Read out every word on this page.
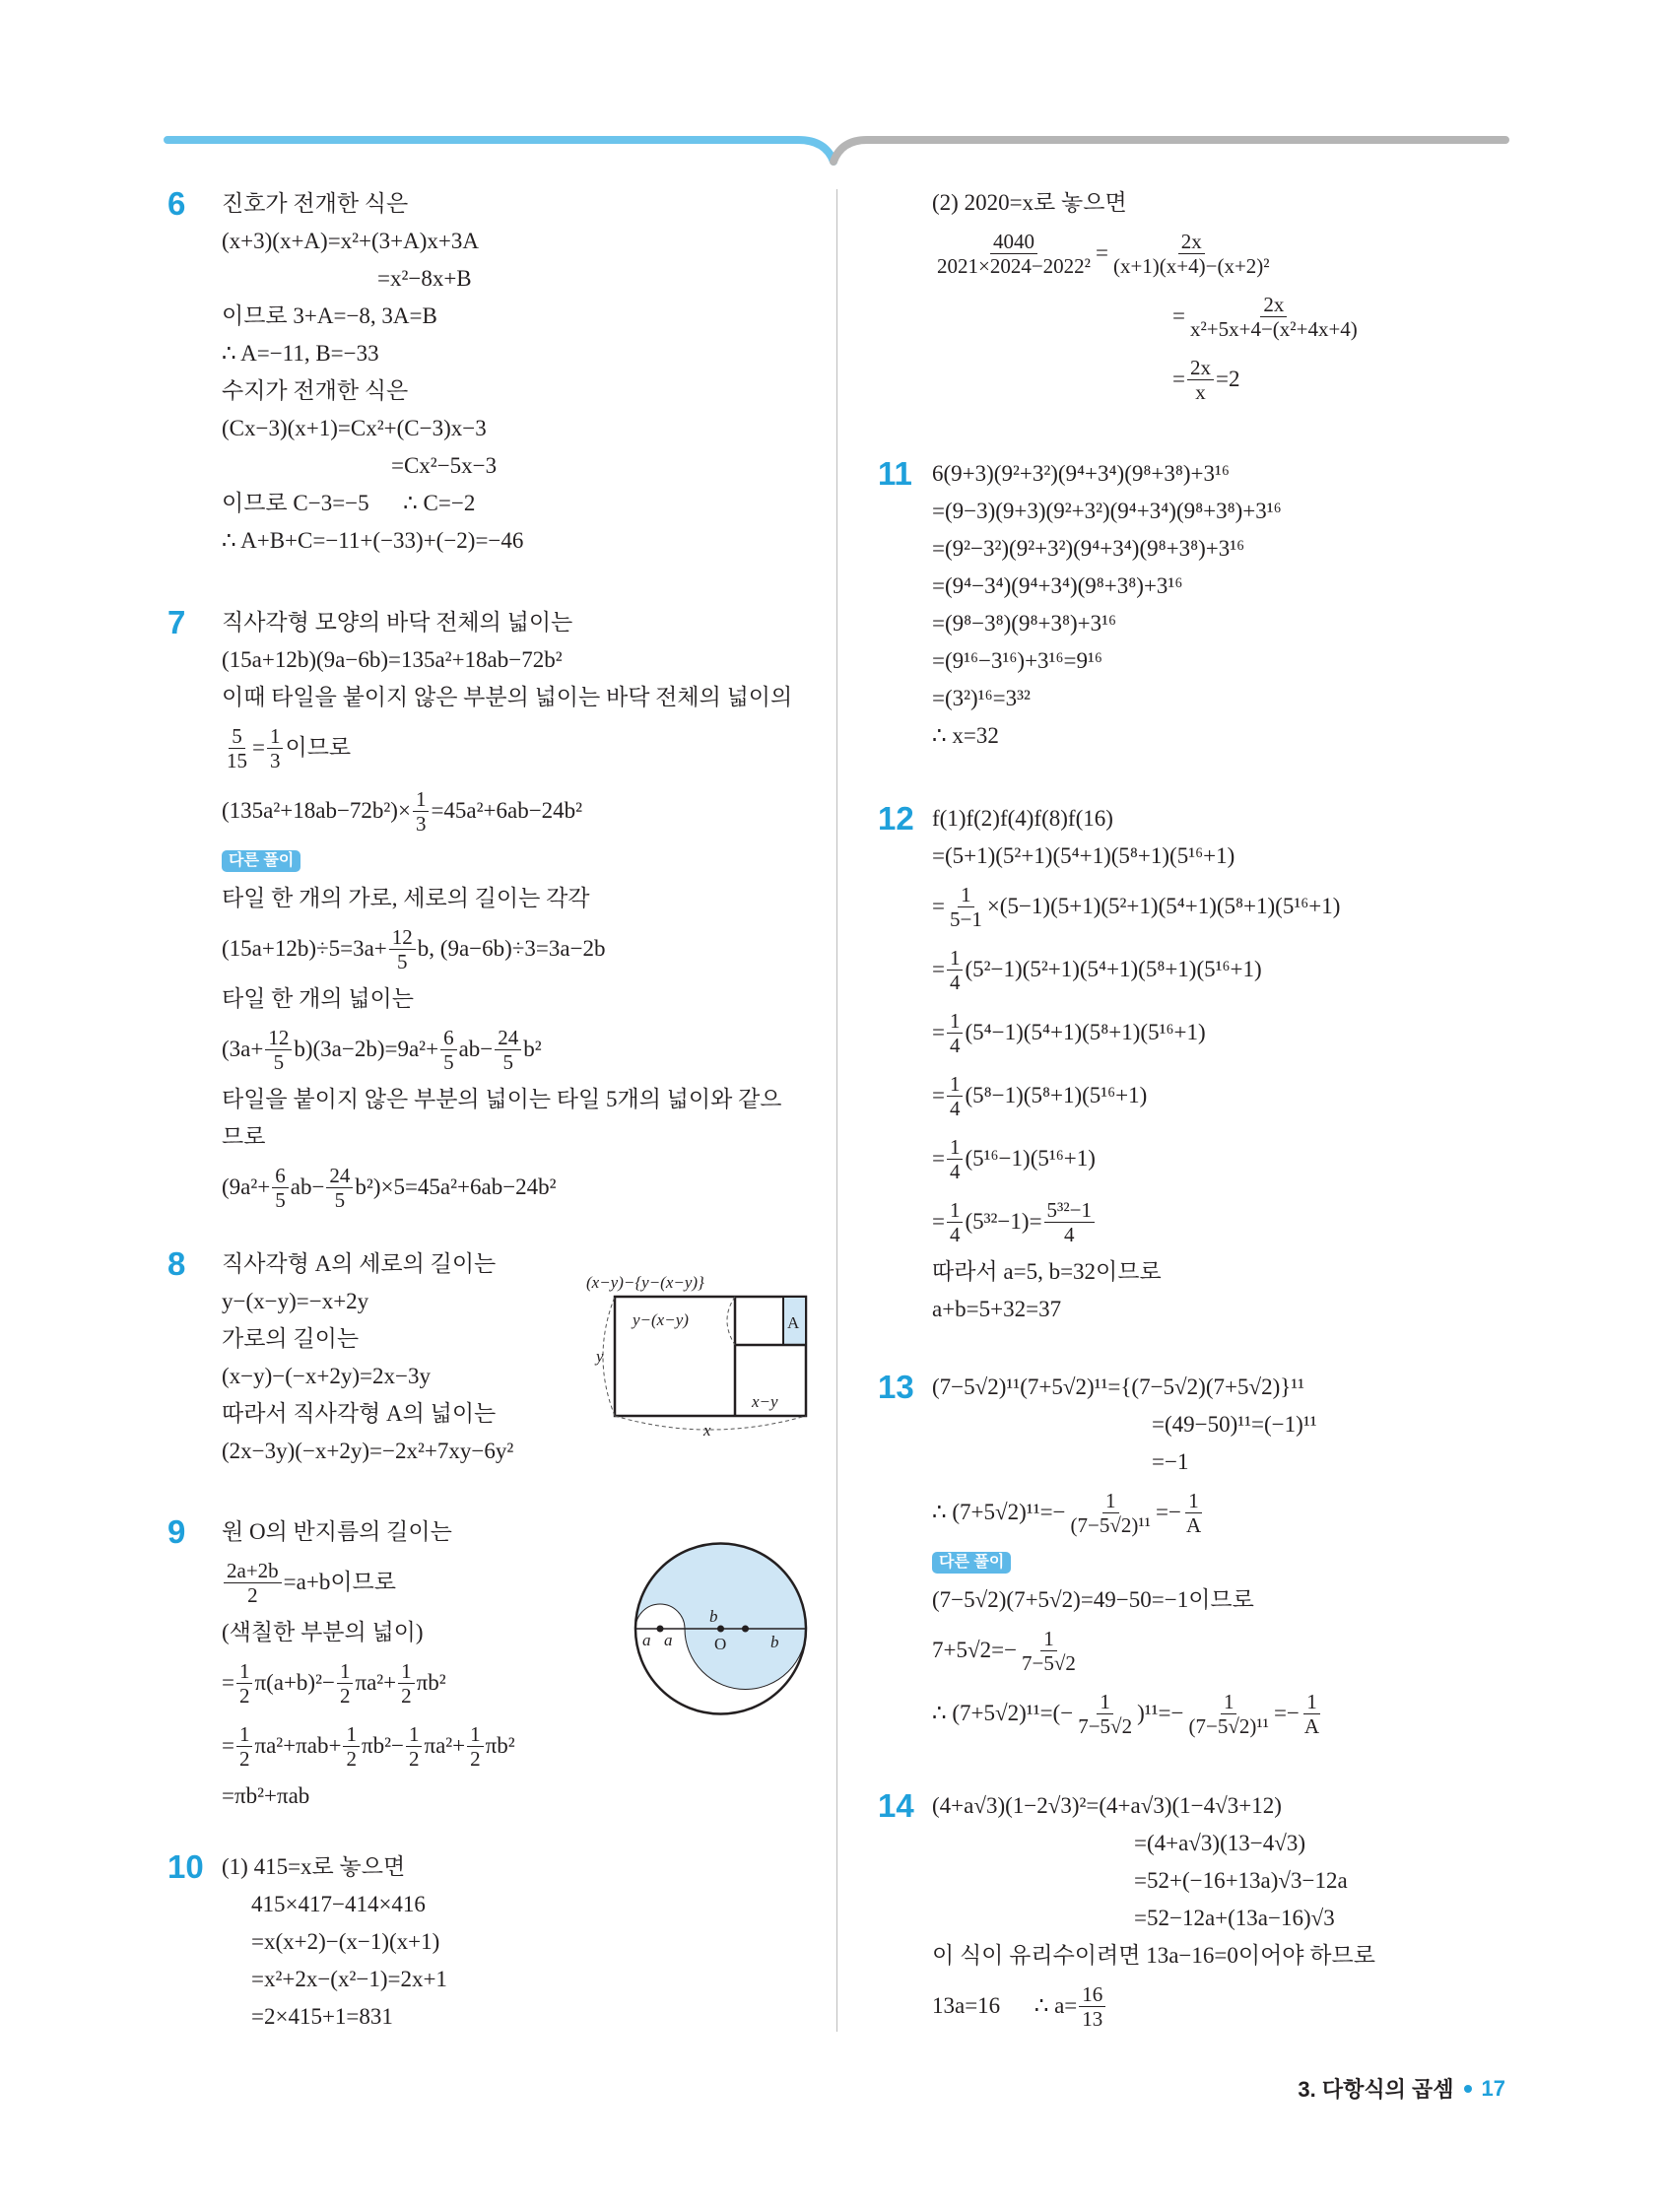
6 진호가 전개한 식은
(x+3)(x+A)=x²+(3+A)x+3A
=x²−8x+B
이므로 3+A=−8, 3A=B
∴ A=−11, B=−33
수지가 전개한 식은
(Cx−3)(x+1)=Cx²+(C−3)x−3
=Cx²−5x−3
이므로 C−3=−5 ∴ C=−2
∴ A+B+C=−11+(−33)+(−2)=−46
7 직사각형 모양의 바닥 전체의 넓이는
(15a+12b)(9a−6b)=135a²+18ab−72b²
이때 타일을 붙이지 않은 부분의 넓이는 바닥 전체의 넓이의
$\frac{5}{15} = \frac{1}{3}$ 이므로
$(135a^2+18ab-72b^2)\times \frac{1}{3} =45a^2+6ab-24b^2$
다른 풀이
타일 한 개의 가로, 세로의 길이는 각각
$(15a+12b)\div 5=3a+ \frac{12}{5} b$, (9a−6b)÷3=3a−2b
타일 한 개의 넓이는
$(3a+ \frac{12}{5} b)(3a-2b)=9a^2+ \frac{6}{5} ab- \frac{24}{5} b^2$
타일을 붙이지 않은 부분의 넓이는 타일 5개의 넓이와 같으
므로
$(9a^2+ \frac{6}{5} ab- \frac{24}{5} b^2)\times 5=45a^2+6ab-24b^2$
8 직사각형 A의 세로의 길이는
y−(x−y)=−x+2y
가로의 길이는
(x−y)−(−x+2y)=2x−3y
따라서 직사각형 A의 넓이는
(2x−3y)(−x+2y)=−2x²+7xy−6y²
9 원 O의 반지름의 길이는
$\frac{2a+2b}{2} =a+b$이므로
(색칠한 부분의 넓이)
= $\frac{1}{2} \pi(a+b)^2- \frac{1}{2} \pi a^2+ \frac{1}{2} \pi b^2$
= $\frac{1}{2} \pi a^2+\pi ab+ \frac{1}{2} \pi b^2- \frac{1}{2} \pi a^2+ \frac{1}{2} \pi b^2$
=πb²+πab
10 (1) 415=x로 놓으면
415×417−414×416
=x(x+2)−(x−1)(x+1)
=x²+2x−(x²−1)=2x+1
=2×415+1=831
(2) 2020=x로 놓으면
$\frac{4040}{\text{2021×2024−2022²}} = \frac{2x}{\text{(x+1)(x+4)−(x+2)²}}$
= $\frac{2x}{\text{x²+5x+4−(x²+4x+4)}}$
= $\frac{2x}{x} =2$
11 6(9+3)(9²+3²)(9⁴+3⁴)(9⁸+3⁸)+3¹⁶
=(9−3)(9+3)(9²+3²)(9⁴+3⁴)(9⁸+3⁸)+3¹⁶
=(9²−3²)(9²+3²)(9⁴+3⁴)(9⁸+3⁸)+3¹⁶
=(9⁴−3⁴)(9⁴+3⁴)(9⁸+3⁸)+3¹⁶
=(9⁸−3⁸)(9⁸+3⁸)+3¹⁶
=(9¹⁶−3¹⁶)+3¹⁶=9¹⁶
=(3²)¹⁶=3³²
∴ x=32
12 f(1)f(2)f(4)f(8)f(16)
=(5+1)(5²+1)(5⁴+1)(5⁸+1)(5¹⁶+1)
= $\frac{1}{5-1} \times(5-1)(5+1)(5^2+1)(5^4+1)(5^8+1)(5^{16}+1)$
= $\frac{1}{4} (5^2-1)(5^2+1)(5^4+1)(5^8+1)(5^{16}+1)$
= $\frac{1}{4} (5^4-1)(5^4+1)(5^8+1)(5^{16}+1)$
= $\frac{1}{4} (5^8-1)(5^8+1)(5^{16}+1)$
= $\frac{1}{4} (5^{16}-1)(5^{16}+1)$
= $\frac{1}{4} (5^{32}-1)= \frac{\text{5³²−1}}{4}$
따라서 a=5, b=32이므로
a+b=5+32=37
13 (7−5√2)¹¹(7+5√2)¹¹={(7−5√2)(7+5√2)}¹¹
=(49−50)¹¹=(−1)¹¹
=−1
∴ $(7+5√2)^{11}=- \frac{1}{\text{(7−5√2)¹¹}} =- \frac{1}{A}$
다른 풀이
(7−5√2)(7+5√2)=49−50=−1이므로
$7+5√2=- \frac{1}{7-5√2}$
∴ $(7+5√2)^{11}=(- \frac{1}{7-5√2} )^{11}=- \frac{1}{\text{(7−5√2)¹¹}} =- \frac{1}{A}$
14 (4+a√3)(1−2√3)²=(4+a√3)(1−4√3+12)
=(4+a√3)(13−4√3)
=52+(−16+13a)√3−12a
=52−12a+(13a−16)√3
이 식이 유리수이려면 13a−16=0이어야 하므로
13a=16 ∴ $a= \frac{16}{13}$
(x−y)−{y−(x−y)}
y−(x−y)	A
y
x−y
x
a a
b
O	b
3. 다항식의 곱셈 17
